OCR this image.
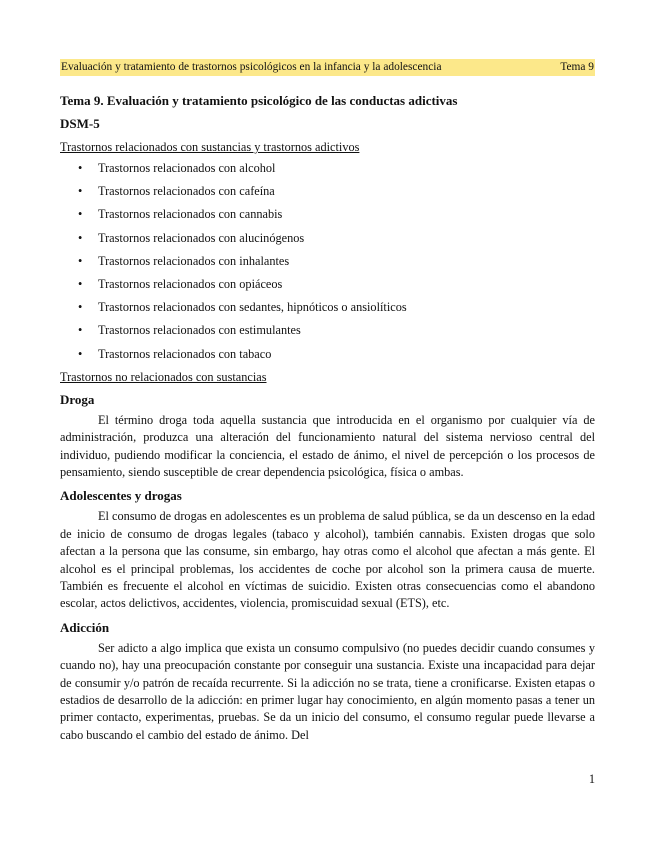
Evaluación y tratamiento de trastornos psicológicos en la infancia y la adolescencia	Tema 9
Tema 9. Evaluación y tratamiento psicológico de las conductas adictivas
DSM-5
Trastornos relacionados con sustancias y trastornos adictivos
• Trastornos relacionados con alcohol
• Trastornos relacionados con cafeína
• Trastornos relacionados con cannabis
• Trastornos relacionados con alucinógenos
• Trastornos relacionados con inhalantes
• Trastornos relacionados con opiáceos
• Trastornos relacionados con sedantes, hipnóticos o ansiolíticos
• Trastornos relacionados con estimulantes
• Trastornos relacionados con tabaco
Trastornos no relacionados con sustancias
Droga

El término droga toda aquella sustancia que introducida en el organismo por cualquier vía de administración, produzca una alteración del funcionamiento natural del sistema nervioso central del individuo, pudiendo modificar la conciencia, el estado de ánimo, el nivel de percepción o los procesos de pensamiento, siendo susceptible de crear dependencia psicológica, física o ambas.

Adolescentes y drogas

El consumo de drogas en adolescentes es un problema de salud pública, se da un descenso en la edad de inicio de consumo de drogas legales (tabaco y alcohol), también cannabis. Existen drogas que solo afectan a la persona que las consume, sin embargo, hay otras como el alcohol que afectan a más gente. El alcohol es el principal problemas, los accidentes de coche por alcohol son la primera causa de muerte. También es frecuente el alcohol en víctimas de suicidio. Existen otras consecuencias como el abandono escolar, actos delictivos, accidentes, violencia, promiscuidad sexual (ETS), etc.

Adicción

Ser adicto a algo implica que exista un consumo compulsivo (no puedes decidir cuando consumes y cuando no), hay una preocupación constante por conseguir una sustancia. Existe una incapacidad para dejar de consumir y/o patrón de recaída recurrente. Si la adicción no se trata, tiene a cronificarse. Existen etapas o estadios de desarrollo de la adicción: en primer lugar hay conocimiento, en algún momento pasas a tener un primer contacto, experimentas, pruebas. Se da un inicio del consumo, el consumo regular puede llevarse a cabo buscando el cambio del estado de ánimo. Del

1
